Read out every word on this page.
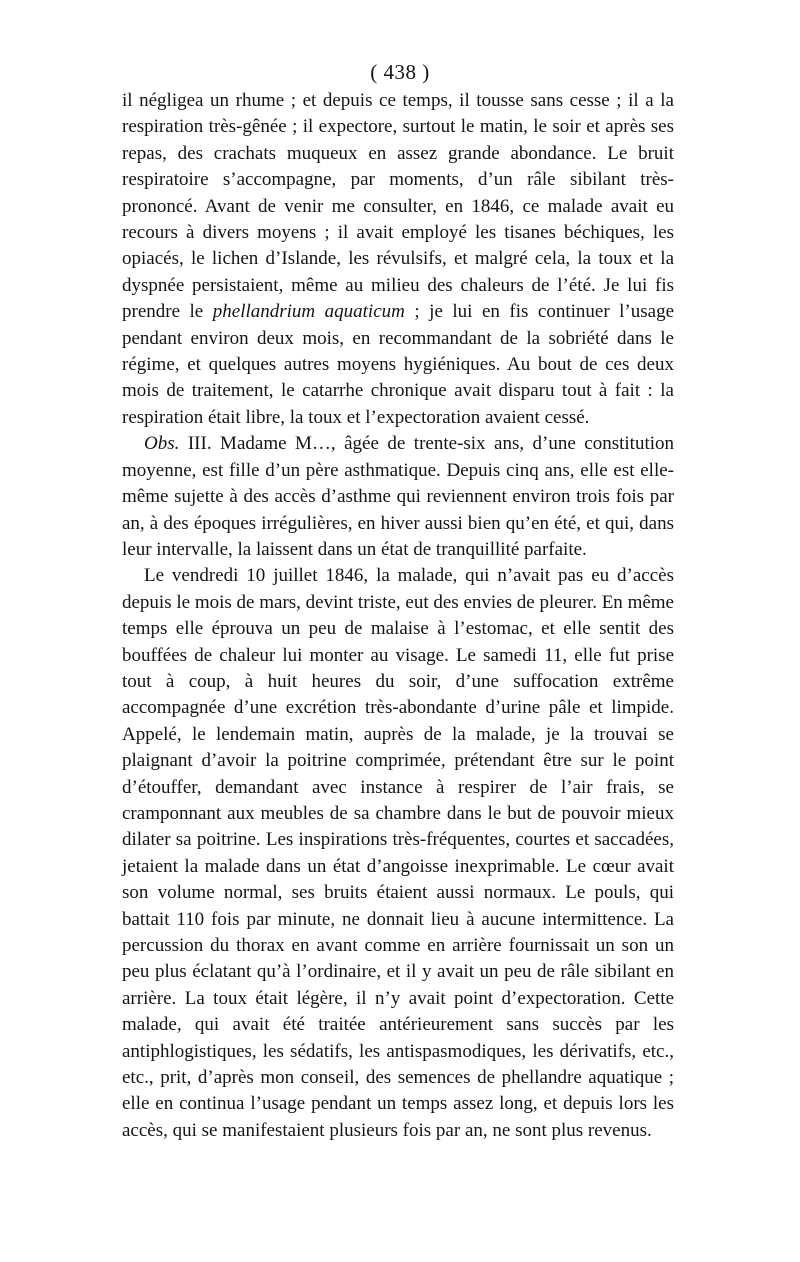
( 438 )

il négligea un rhume ; et depuis ce temps, il tousse sans cesse ; il a la respiration très-gênée ; il expectore, surtout le matin, le soir et après ses repas, des crachats muqueux en assez grande abondance. Le bruit respiratoire s’accompagne, par moments, d’un râle sibilant très-prononcé. Avant de venir me consulter, en 1846, ce malade avait eu recours à divers moyens ; il avait employé les tisanes béchiques, les opiacés, le lichen d’Islande, les révulsifs, et malgré cela, la toux et la dyspnée persistaient, même au milieu des chaleurs de l’été. Je lui fis prendre le phellandrium aquaticum ; je lui en fis continuer l’usage pendant environ deux mois, en recommandant de la sobriété dans le régime, et quelques autres moyens hygiéniques. Au bout de ces deux mois de traitement, le catarrhe chronique avait disparu tout à fait : la respiration était libre, la toux et l’expectoration avaient cessé.

Obs. III. Madame M…, âgée de trente-six ans, d’une constitution moyenne, est fille d’un père asthmatique. Depuis cinq ans, elle est elle-même sujette à des accès d’asthme qui reviennent environ trois fois par an, à des époques irrégulières, en hiver aussi bien qu’en été, et qui, dans leur intervalle, la laissent dans un état de tranquillité parfaite.

Le vendredi 10 juillet 1846, la malade, qui n’avait pas eu d’accès depuis le mois de mars, devint triste, eut des envies de pleurer. En même temps elle éprouva un peu de malaise à l’estomac, et elle sentit des bouffées de chaleur lui monter au visage. Le samedi 11, elle fut prise tout à coup, à huit heures du soir, d’une suffocation extrême accompagnée d’une excrétion très-abondante d’urine pâle et limpide. Appelé, le lendemain matin, auprès de la malade, je la trouvai se plaignant d’avoir la poitrine comprimée, prétendant être sur le point d’étouffer, demandant avec instance à respirer de l’air frais, se cramponnant aux meubles de sa chambre dans le but de pouvoir mieux dilater sa poitrine. Les inspirations très-fréquentes, courtes et saccadées, jetaient la malade dans un état d’angoisse inexprimable. Le cœur avait son volume normal, ses bruits étaient aussi normaux. Le pouls, qui battait 110 fois par minute, ne donnait lieu à aucune intermittence. La percussion du thorax en avant comme en arrière fournissait un son un peu plus éclatant qu’à l’ordinaire, et il y avait un peu de râle sibilant en arrière. La toux était légère, il n’y avait point d’expectoration. Cette malade, qui avait été traitée antérieurement sans succès par les antiphlogistiques, les sédatifs, les antispasmodiques, les dérivatifs, etc., etc., prit, d’après mon conseil, des semences de phellandre aquatique ; elle en continua l’usage pendant un temps assez long, et depuis lors les accès, qui se manifestaient plusieurs fois par an, ne sont plus revenus.
